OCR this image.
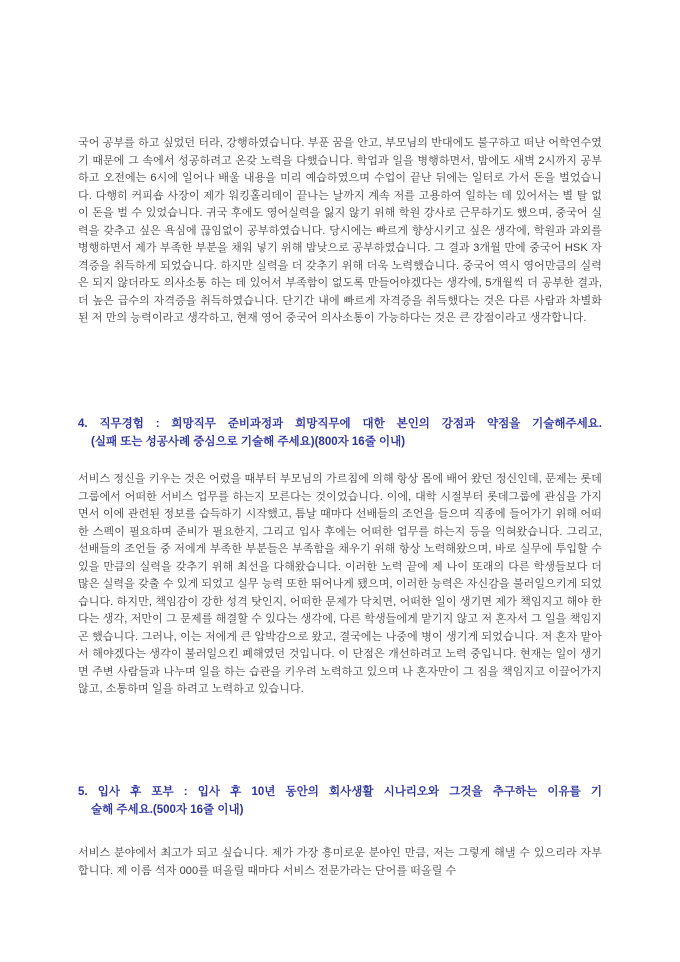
국어 공부를 하고 싶었던 터라, 강행하였습니다. 부푼 꿈을 안고, 부모님의 반대에도 불구하고 떠난 어학연수였기 때문에 그 속에서 성공하려고 온갖 노력을 다했습니다. 학업과 일을 병행하면서, 밤에도 새벽 2시까지 공부하고 오전에는 6시에 일어나 배울 내용을 미리 예습하였으며 수업이 끝난 뒤에는 일터로 가서 돈을 벌었습니다. 다행히 커피숍 사장이 제가 워킹홀리데이 끝나는 날까지 계속 저를 고용하여 일하는 데 있어서는 별 탈 없이 돈을 벌 수 있었습니다. 귀국 후에도 영어실력을 잃지 않기 위해 학원 강사로 근무하기도 했으며, 중국어 실력을 갖추고 싶은 욕심에 끊임없이 공부하였습니다. 당시에는 빠르게 향상시키고 싶은 생각에, 학원과 과외를 병행하면서 제가 부족한 부분을 채워 넣기 위해 밤낮으로 공부하였습니다. 그 결과 3개월 만에 중국어 HSK 자격증을 취득하게 되었습니다. 하지만 실력을 더 갖추기 위해 더욱 노력했습니다. 중국어 역시 영어만큼의 실력은 되지 않더라도 의사소통 하는 데 있어서 부족함이 없도록 만들어야겠다는 생각에, 5개월씩 더 공부한 결과, 더 높은 급수의 자격증을 취득하였습니다. 단기간 내에 빠르게 자격증을 취득했다는 것은 다른 사람과 차별화된 저 만의 능력이라고 생각하고, 현재 영어 중국어 의사소통이 가능하다는 것은 큰 강점이라고 생각합니다.

4. 직무경험 : 희망직무 준비과정과 희망직무에 대한 본인의 강점과 약점을 기술해주세요.
(실패 또는 성공사례 중심으로 기술해 주세요)(800자 16줄 이내)

서비스 정신을 키우는 것은 어렸을 때부터 부모님의 가르침에 의해 항상 몸에 배어 왔던 정신인데, 문제는 롯데그룹에서 어떠한 서비스 업무를 하는지 모른다는 것이었습니다. 이에, 대학 시절부터 롯데그룹에 관심을 가지면서 이에 관련된 정보를 습득하기 시작했고, 틈날 때마다 선배들의 조언을 들으며 직종에 들어가기 위해 어떠한 스펙이 필요하며 준비가 필요한지, 그리고 입사 후에는 어떠한 업무를 하는지 등을 익혀왔습니다. 그리고, 선배들의 조언들 중 저에게 부족한 부분들은 부족함을 채우기 위해 항상 노력해왔으며, 바로 실무에 투입할 수 있을 만큼의 실력을 갖추기 위해 최선을 다해왔습니다. 이러한 노력 끝에 제 나이 또래의 다른 학생들보다 더 많은 실력을 갖출 수 있게 되었고 실무 능력 또한 뛰어나게 됐으며, 이러한 능력은 자신감을 불러일으키게 되었습니다. 하지만, 책임감이 강한 성격 탓인지, 어떠한 문제가 닥치면, 어떠한 일이 생기면 제가 책임지고 해야 한다는 생각, 저만이 그 문제를 해결할 수 있다는 생각에, 다른 학생들에게 맡기지 않고 저 혼자서 그 일을 책임지곤 했습니다. 그러나, 이는 저에게 큰 압박감으로 왔고, 결국에는 나중에 병이 생기게 되었습니다. 저 혼자 맡아서 해야겠다는 생각이 불러일으킨 폐해였던 것입니다. 이 단점은 개선하려고 노력 중입니다. 현재는 일이 생기면 주변 사람들과 나누며 일을 하는 습관을 키우려 노력하고 있으며 나 혼자만이 그 짐을 책임지고 이끌어가지 않고, 소통하며 일을 하려고 노력하고 있습니다.

5. 입사 후 포부 : 입사 후 10년 동안의 회사생활 시나리오와 그것을 추구하는 이유를 기
술해 주세요.(500자 16줄 이내)

서비스 분야에서 최고가 되고 싶습니다. 제가 가장 흥미로운 분야인 만큼, 저는 그렇게 해낼 수 있으리라 자부합니다. 제 이름 석자 000를 떠올릴 때마다 서비스 전문가라는 단어를 떠올릴 수
